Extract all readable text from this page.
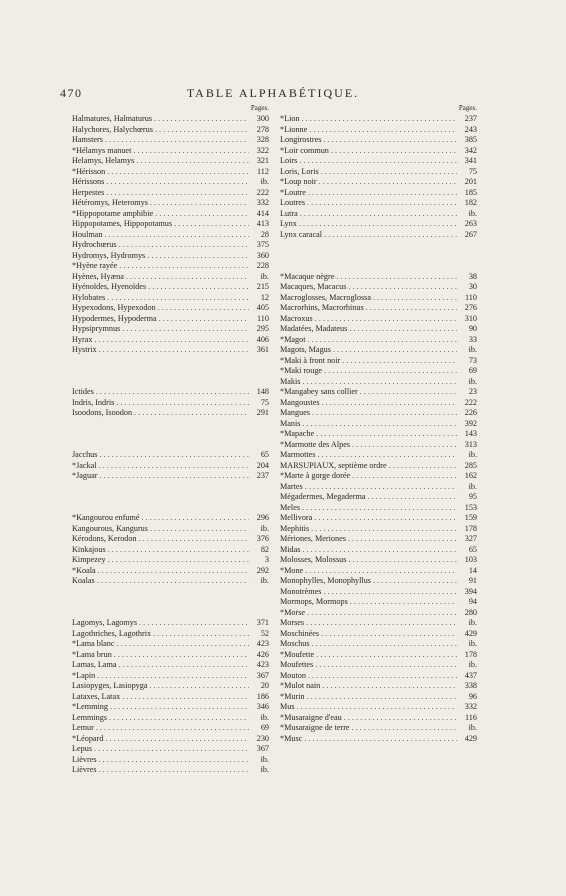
470	TABLE ALPHABÉTIQUE.
Pages.
Halmatures, Halmaturus . . .	300
Halychores, Halychœrus . . .	278
Hamsters . . .	328
*Hélamys manuet . . .	322
Helamys, Helamys . . .	321
*Hérisson . . .	112
Hérissons . . .	ib.
Herpestes . . .	222
Hétéromys, Heteromys . . .	332
*Hippopotame amphibie . . .	414
Hippopotames, Hippopotamus . . .	413
Houlman . . .	28
Hydrochœrus . . .	375
Hydromys, Hydromys . . .	360
*Hyène rayée . . .	228
Hyènes, Hyæna . . .	ib.
Hyénoïdes, Hyenoïdes . . .	215
Hylobates . . .	12
Hypexodons, Hypexodon . . .	405
Hypodermes, Hypoderma . . .	110
Hypsiprymnus . . .	295
Hyrax . . .	406
Hystrix . . .	361
Ictides . . .	148
Indris, Indris . . .	75
Isoodons, Isoodon . . .	291
Jacchus . . .	65
*Jackal . . .	204
*Jaguar . . .	237
*Kangourou enfumé . . .	296
Kangourous, Kangurus . . .	ib.
Kérodons, Kerodon . . .	376
Kinkajous . . .	82
Kimpezey . . .	3
*Koala . . .	292
Koalas . . .	ib.
Lagomys, Lagomys . . .	371
Lagothriches, Lagothrix . . .	52
*Lama blanc . . .	423
*Lama brun . . .	426
Lamas, Lama . . .	423
*Lapin . . .	367
Lasiopyges, Lasiopyga . . .	20
Lataxes, Latax . . .	186
*Lemming . . .	346
Lemmings . . .	ib.
Lemur . . .	69
*Léopard . . .	230
Lepus . . .	367
Lièvres . . .	ib.
Lièvres . . .	ib.
Pages.
*Lion . . .	237
*Lionne . . .	243
Longirostres . . .	385
*Loir commun . . .	342
Loirs . . .	341
Loris, Loris . . .	75
*Loup noir . . .	201
*Loutre . . .	185
Loutres . . .	182
Lutra . . .	ib.
Lynx . . .	263
Lynx caracal . . .	267
*Macaque nègre . . .	38
Macaques, Macacus . . .	30
Macroglosses, Macroglossa . . .	110
Macrorhins, Macrorhinus . . .	276
Macroxus . . .	310
Madatées, Madateus . . .	90
*Magot . . .	33
Magots, Magus . . .	ib.
*Maki à front noir . . .	73
*Maki rouge . . .	69
Makis . . .	ib.
*Mangabey sans collier . . .	23
Mangoustes . . .	222
Mangues . . .	226
Manis . . .	392
*Mapache . . .	143
*Marmotte des Alpes . . .	313
Marmottes . . .	ib.
MARSUPIAUX, septième ordre . . .	285
*Marte à gorge dorée . . .	162
Martes . . .	ib.
Mégadermes, Megaderma . . .	95
Meles . . .	153
Mellivora . . .	159
Mephitis . . .	178
Mériones, Meriones . . .	327
Midas . . .	65
Molosses, Molossus . . .	103
*Mone . . .	14
Monophylles, Monophyllus . . .	91
Monotrèmes . . .	394
Mormops, Mormops . . .	94
*Morse . . .	280
Morses . . .	ib.
Moschinées . . .	429
Moschus . . .	ib.
*Moufette . . .	178
Moufettes . . .	ib.
Mouton . . .	437
*Mulot nain . . .	338
*Murin . . .	96
Mus . . .	332
*Musaraigne d'eau . . .	116
*Musaraigne de terre . . .	ib.
*Musc . . .	429
